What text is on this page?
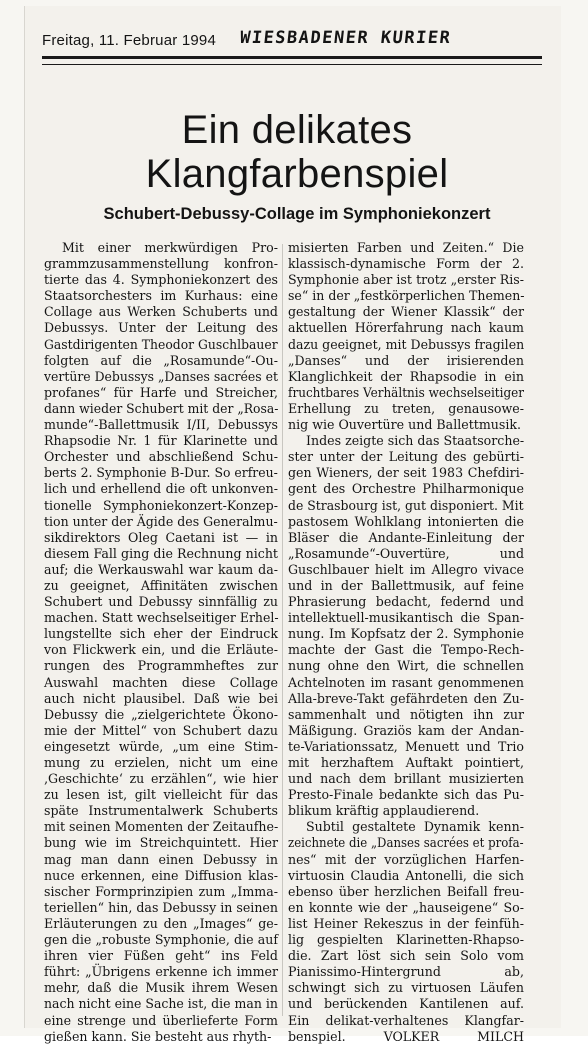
Freitag, 11. Februar 1994 WIESBADENER KURIER
Ein delikates
Klangfarbenspiel
Schubert-Debussy-Collage im Symphoniekonzert
Mit einer merkwürdigen Pro-
grammzusammenstellung konfron-
tierte das 4. Symphoniekonzert des
Staatsorchesters im Kurhaus: eine
Collage aus Werken Schuberts und
Debussys. Unter der Leitung des
Gastdirigenten Theodor Guschlbauer
folgten auf die „Rosamunde“-Ou-
vertüre Debussys „Danses sacrées et
profanes“ für Harfe und Streicher,
dann wieder Schubert mit der „Rosa-
munde“-Ballettmusik I/II, Debussys
Rhapsodie Nr. 1 für Klarinette und
Orchester und abschließend Schu-
berts 2. Symphonie B-Dur. So erfreu-
lich und erhellend die oft unkonven-
tionelle Symphoniekonzert-Konzep-
tion unter der Ägide des Generalmu-
sikdirektors Oleg Caetani ist — in
diesem Fall ging die Rechnung nicht
auf; die Werkauswahl war kaum da-
zu geeignet, Affinitäten zwischen
Schubert und Debussy sinnfällig zu
machen. Statt wechselseitiger Erhel-
lungstellte sich eher der Eindruck
von Flickwerk ein, und die Erläute-
rungen des Programmheftes zur
Auswahl machten diese Collage
auch nicht plausibel. Daß wie bei
Debussy die „zielgerichtete Ökono-
mie der Mittel“ von Schubert dazu
eingesetzt würde, „um eine Stim-
mung zu erzielen, nicht um eine
‚Geschichte‘ zu erzählen“, wie hier
zu lesen ist, gilt vielleicht für das
späte Instrumentalwerk Schuberts
mit seinen Momenten der Zeitaufhe-
bung wie im Streichquintett. Hier
mag man dann einen Debussy in
nuce erkennen, eine Diffusion klas-
sischer Formprinzipien zum „Imma-
teriellen“ hin, das Debussy in seinen
Erläuterungen zu den „Images“ ge-
gen die „robuste Symphonie, die auf
ihren vier Füßen geht“ ins Feld
führt: „Übrigens erkenne ich immer
mehr, daß die Musik ihrem Wesen
nach nicht eine Sache ist, die man in
eine strenge und überlieferte Form
gießen kann. Sie besteht aus rhyth-
misierten Farben und Zeiten.“ Die
klassisch-dynamische Form der 2.
Symphonie aber ist trotz „erster Ris-
se“ in der „festkörperlichen Themen-
gestaltung der Wiener Klassik“ der
aktuellen Hörerfahrung nach kaum
dazu geeignet, mit Debussys fragilen
„Danses“ und der irisierenden
Klanglichkeit der Rhapsodie in ein
fruchtbares Verhältnis wechselseitiger
Erhellung zu treten, genausowe-
nig wie Ouvertüre und Ballettmusik.
Indes zeigte sich das Staatsorche-
ster unter der Leitung des gebürti-
gen Wieners, der seit 1983 Chefdiri-
gent des Orchestre Philharmonique
de Strasbourg ist, gut disponiert. Mit
pastosem Wohlklang intonierten die
Bläser die Andante-Einleitung der
„Rosamunde“-Ouvertüre, und
Guschlbauer hielt im Allegro vivace
und in der Ballettmusik, auf feine
Phrasierung bedacht, federnd und
intellektuell-musikantisch die Span-
nung. Im Kopfsatz der 2. Symphonie
machte der Gast die Tempo-Rech-
nung ohne den Wirt, die schnellen
Achtelnoten im rasant genommenen
Alla-breve-Takt gefährdeten den Zu-
sammenhalt und nötigten ihn zur
Mäßigung. Graziös kam der Andan-
te-Variationssatz, Menuett und Trio
mit herzhaftem Auftakt pointiert,
und nach dem brillant musizierten
Presto-Finale bedankte sich das Pu-
blikum kräftig applaudierend.
Subtil gestaltete Dynamik kenn-
zeichnete die „Danses sacrées et profa-
nes“ mit der vorzüglichen Harfen-
virtuosin Claudia Antonelli, die sich
ebenso über herzlichen Beifall freu-
en konnte wie der „hauseigene“ So-
list Heiner Rekeszus in der feinfüh-
lig gespielten Klarinetten-Rhapso-
die. Zart löst sich sein Solo vom
Pianissimo-Hintergrund ab,
schwingt sich zu virtuosen Läufen
und berückenden Kantilenen auf.
Ein delikat-verhaltenes Klangfar-
benspiel. VOLKER MILCH
